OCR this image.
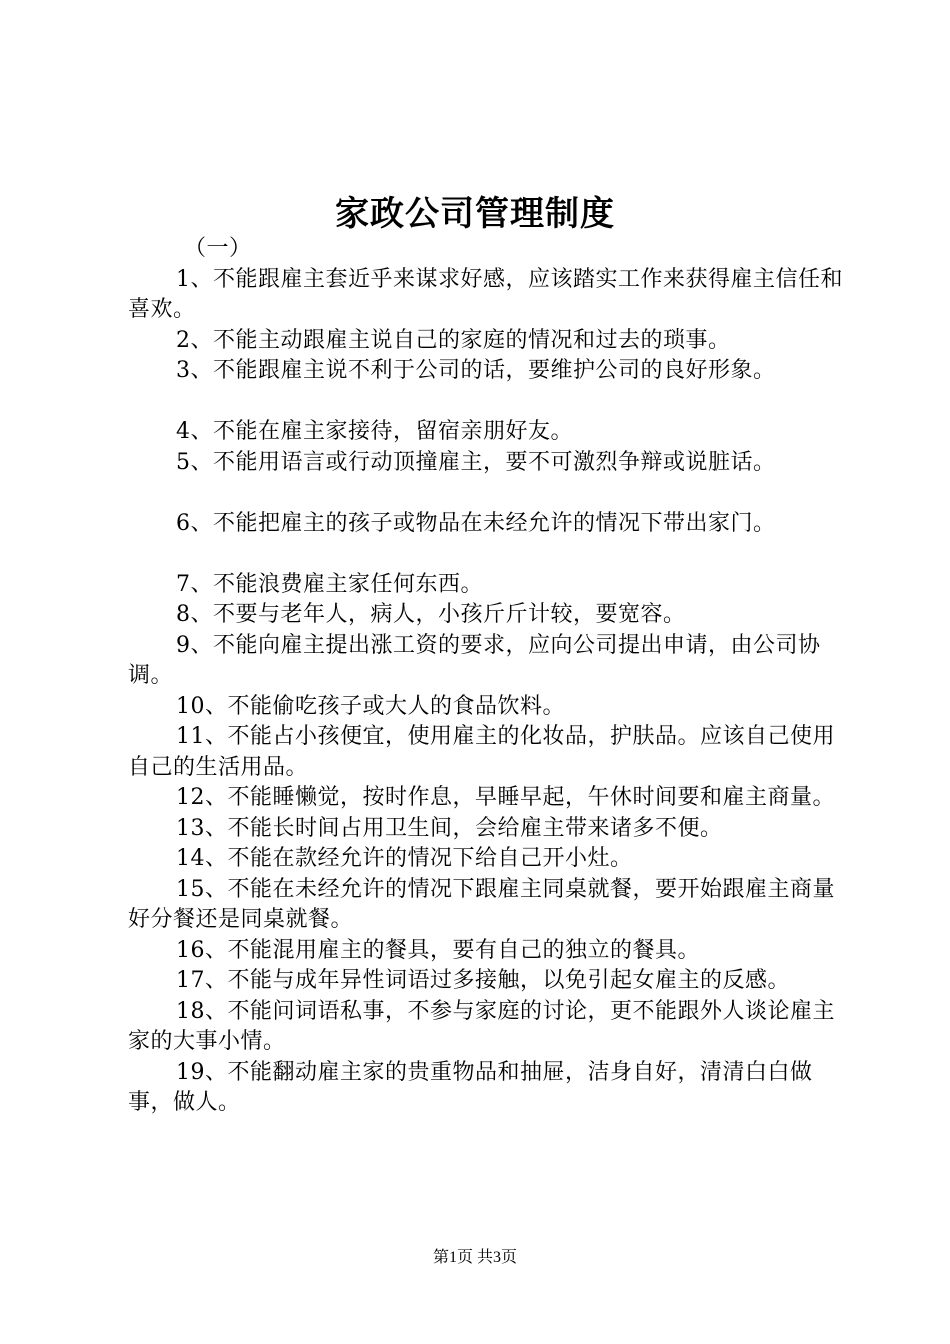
家政公司管理制度

（一）

1、不能跟雇主套近乎来谋求好感，应该踏实工作来获得雇主信任和喜欢。

2、不能主动跟雇主说自己的家庭的情况和过去的琐事。

3、不能跟雇主说不利于公司的话，要维护公司的良好形象。

4、不能在雇主家接待，留宿亲朋好友。

5、不能用语言或行动顶撞雇主，要不可激烈争辩或说脏话。

6、不能把雇主的孩子或物品在未经允许的情况下带出家门。

7、不能浪费雇主家任何东西。

8、不要与老年人，病人，小孩斤斤计较，要宽容。

9、不能向雇主提出涨工资的要求，应向公司提出申请，由公司协调。

10、不能偷吃孩子或大人的食品饮料。

11、不能占小孩便宜，使用雇主的化妆品，护肤品。应该自己使用自己的生活用品。

12、不能睡懒觉，按时作息，早睡早起，午休时间要和雇主商量。

13、不能长时间占用卫生间，会给雇主带来诸多不便。

14、不能在款经允许的情况下给自己开小灶。

15、不能在未经允许的情况下跟雇主同桌就餐，要开始跟雇主商量好分餐还是同桌就餐。

16、不能混用雇主的餐具，要有自己的独立的餐具。

17、不能与成年异性词语过多接触，以免引起女雇主的反感。

18、不能问词语私事，不参与家庭的讨论，更不能跟外人谈论雇主家的大事小情。

19、不能翻动雇主家的贵重物品和抽屉，洁身自好，清清白白做事，做人。

第1页 共3页
